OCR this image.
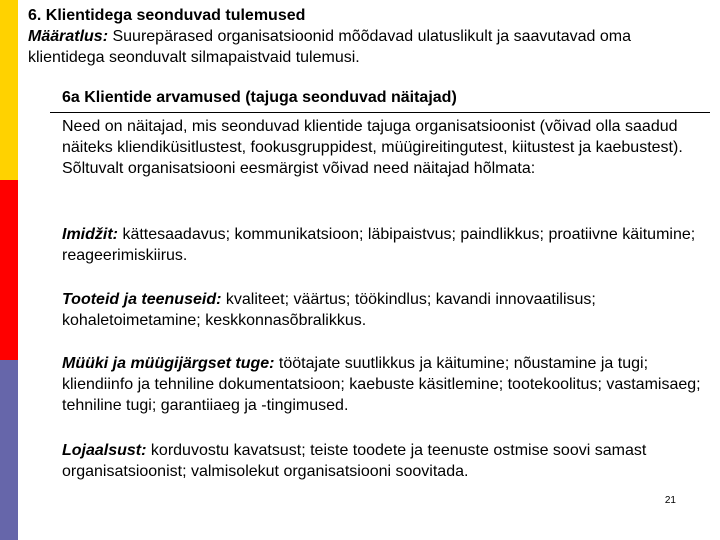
6. Klientidega seonduvad tulemused
Määratlus: Suurepärased organisatsioonid mõõdavad ulatuslikult ja saavutavad oma klientidega seonduvalt silmapaistvaid tulemusi.
6a Klientide arvamused (tajuga seonduvad näitajad)
Need on näitajad, mis seonduvad klientide tajuga organisatsioonist (võivad olla saadud näiteks kliendiküsitlustest, fookusgruppidest, müügireitingutest, kiitustest ja kaebustest).
Sõltuvalt organisatsiooni eesmärgist võivad need näitajad hõlmata:

Imidžit: kättesaadavus; kommunikatsioon; läbipaistvus; paindlikkus; proatiivne käitumine; reageerimiskiirus.

Tooteid ja teenuseid: kvaliteet; väärtus; töökindlus; kavandi innovaatilisus; kohaletoimetamine; keskkonnasõbralikkus.

Müüki ja müügijärgset tuge: töötajate suutlikkus ja käitumine; nõustamine ja tugi; kliendiinfo ja tehniline dokumentatsioon; kaebuste käsitlemine; tootekoolitus; vastamisaeg; tehniline tugi; garantiiaeg ja -tingimused.

Lojaalsust: korduvostu kavatsust; teiste toodete ja teenuste ostmise soovi samast organisatsioonist; valmisolekut organisatsiooni soovitada.

21
